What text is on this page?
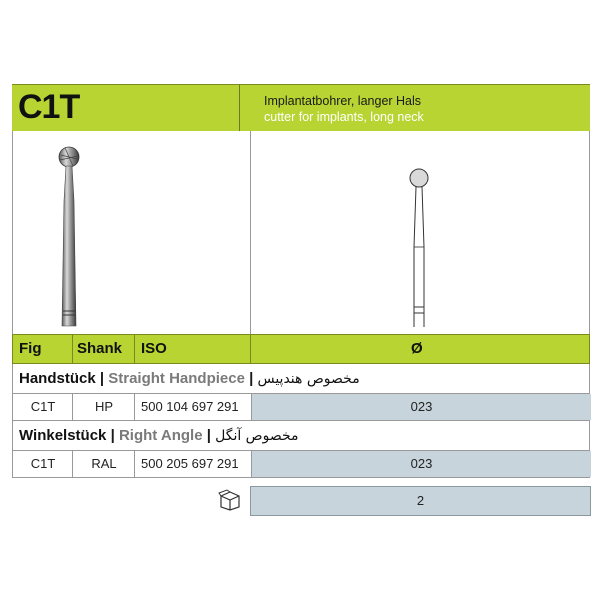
C1T	Implantatbohrer, langer Hals
cutter for implants, long neck
Fig Shank ISO	Ø
Handstück | Straight Handpiece | مخصوص هندپیس
C1T	HP	500 104 697 291	023
Winkelstück | Right Angle | مخصوص آنگل
C1T	RAL	500 205 697 291	023
2
